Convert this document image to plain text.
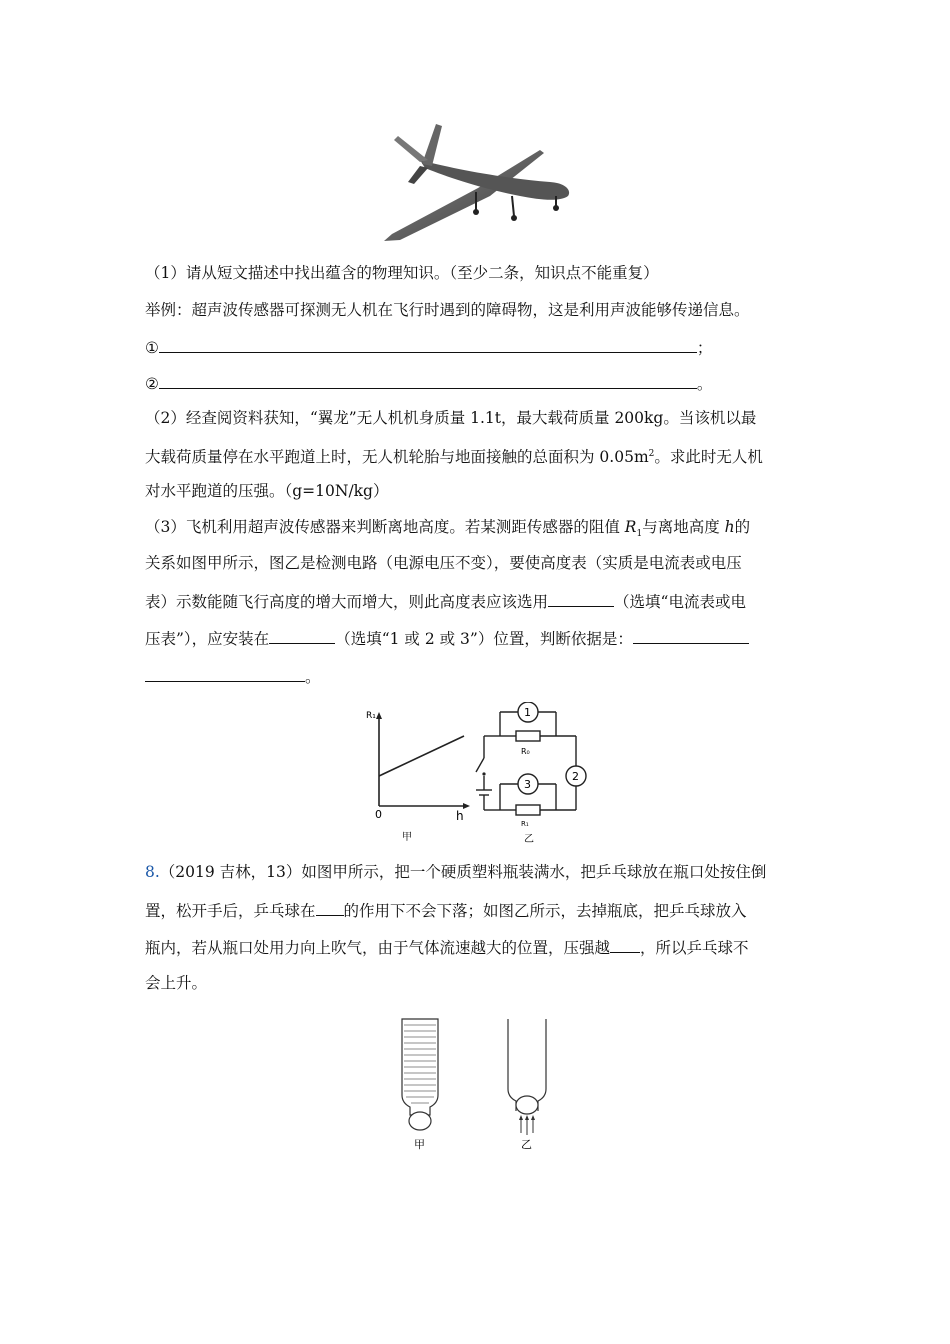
（1）请从短文描述中找出蕴含的物理知识。（至少二条，知识点不能重复）
举例：超声波传感器可探测无人机在飞行时遇到的障碍物，这是利用声波能够传递信息。
①	；
②	。
（2）经查阅资料获知，“翼龙”无人机机身质量 1.1t，最大载荷质量 200kg。当该机以最
大载荷质量停在水平跑道上时，无人机轮胎与地面接触的总面积为 $0.05m^2$。求此时无人机
对水平跑道的压强。（g=10N/kg）
（3）飞机利用超声波传感器来判断离地高度。若某测距传感器的阻值 $R_1$与离地高度 h的
关系如图甲所示，图乙是检测电路（电源电压不变），要使高度表（实质是电流表或电压
表）示数能随飞行高度的增大而增大，则此高度表应该选用	（选填“电流表或电
压表”），应安装在	（选填“1 或 2 或 3”）位置，判断依据是：
。
R₁
h
0
甲
1
3
2
R₀
R₁
乙
8.（2019 吉林，13）如图甲所示，把一个硬质塑料瓶装满水，把乒乓球放在瓶口处按住倒
置，松开手后，乒乓球在 的作用下不会下落；如图乙所示，去掉瓶底，把乒乓球放入
瓶内，若从瓶口处用力向上吹气，由于气体流速越大的位置，压强越 ，所以乒乓球不
会上升。
甲	乙
